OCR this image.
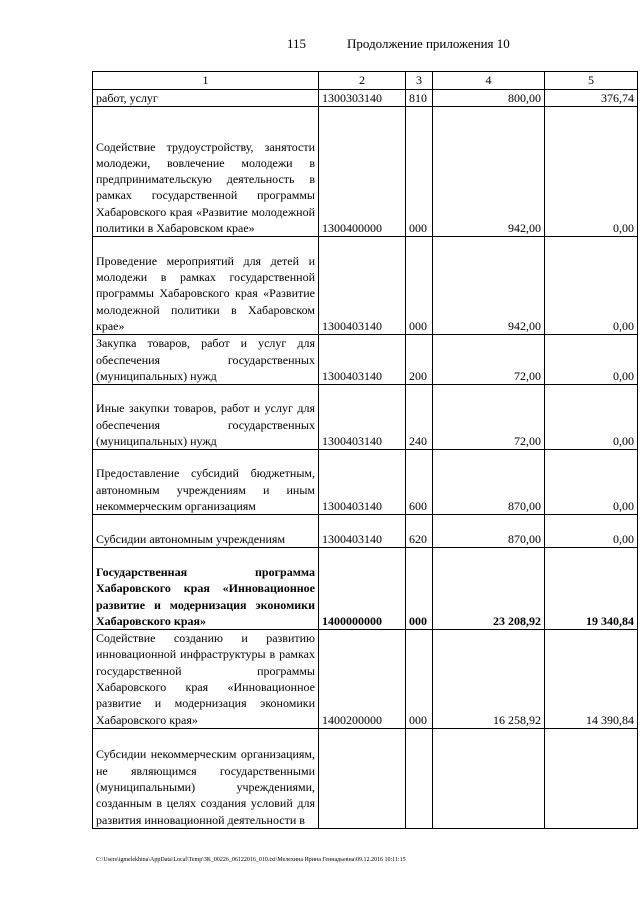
115	Продолжение приложения 10
1	2	3	4	5

работ, услуг	1300303140	810	800,00	376,74

Содействие трудоустройству, занятости молодежи, вовлечение молодежи в предпринимательскую деятельность в рамках государственной программы Хабаровского края «Развитие молодежной политики в Хабаровском крае»	1300400000	000	942,00	0,00

Проведение мероприятий для детей и молодежи в рамках государственной программы Хабаровского края «Развитие молодежной политики в Хабаровском крае»	1300403140	000	942,00	0,00

Закупка товаров, работ и услуг для обеспечения государственных (муниципальных) нужд	1300403140	200	72,00	0,00

Иные закупки товаров, работ и услуг для обеспечения государственных (муниципальных) нужд	1300403140	240	72,00	0,00

Предоставление субсидий бюджетным, автономным учреждениям и иным некоммерческим организациям	1300403140	600	870,00	0,00

Субсидии автономным учреждениям	1300403140	620	870,00	0,00

Государственная программа Хабаровского края «Инновационное развитие и модернизация экономики Хабаровского края»	1400000000	000	23 208,92	19 340,84

Содействие созданию и развитию инновационной инфраструктуры в рамках государственной программы Хабаровского края «Инновационное развитие и модернизация экономики Хабаровского края»	1400200000	000	16 258,92	14 390,84

Субсидии некоммерческим организациям, не являющимся государственными (муниципальными) учреждениями, созданным в целях создания условий для развития инновационной деятельности в				

C:\Users\igmelekhina\AppData\Local\Temp\ЗК_00226_06122016_010.txt\Мелехина Ирина Геннадьевна\09.12.2016 10:11:15
